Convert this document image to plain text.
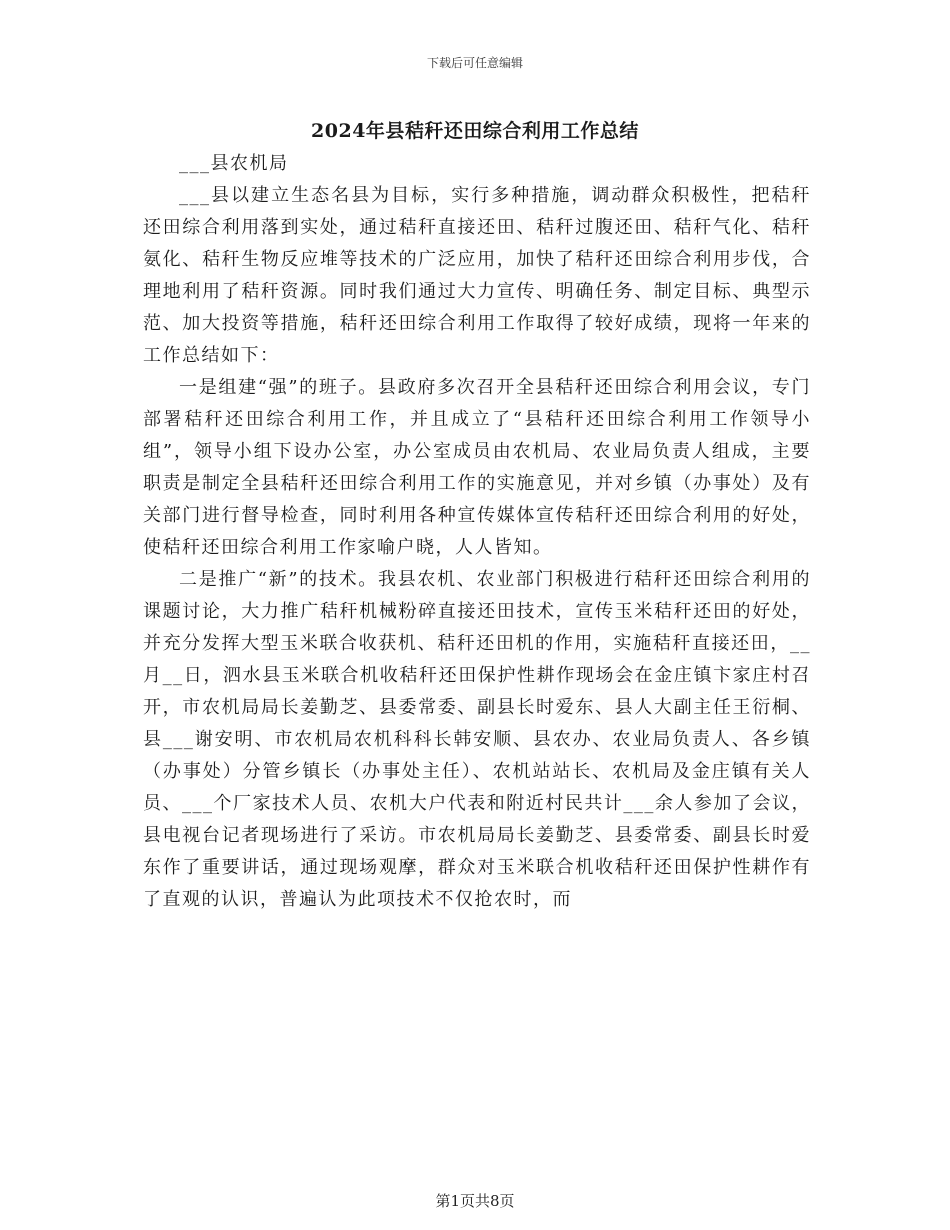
下载后可任意编辑
2024年县秸秆还田综合利用工作总结

___县农机局

___县以建立生态名县为目标，实行多种措施，调动群众积极性，把秸秆还田综合利用落到实处，通过秸秆直接还田、秸秆过腹还田、秸秆气化、秸秆氨化、秸秆生物反应堆等技术的广泛应用，加快了秸秆还田综合利用步伐，合理地利用了秸秆资源。同时我们通过大力宣传、明确任务、制定目标、典型示范、加大投资等措施，秸秆还田综合利用工作取得了较好成绩，现将一年来的工作总结如下：

一是组建“强”的班子。县政府多次召开全县秸秆还田综合利用会议，专门部署秸秆还田综合利用工作，并且成立了“县秸秆还田综合利用工作领导小组”，领导小组下设办公室，办公室成员由农机局、农业局负责人组成，主要职责是制定全县秸秆还田综合利用工作的实施意见，并对乡镇（办事处）及有关部门进行督导检查，同时利用各种宣传媒体宣传秸秆还田综合利用的好处，使秸秆还田综合利用工作家喻户晓，人人皆知。

二是推广“新”的技术。我县农机、农业部门积极进行秸秆还田综合利用的课题讨论，大力推广秸秆机械粉碎直接还田技术，宣传玉米秸秆还田的好处，并充分发挥大型玉米联合收获机、秸秆还田机的作用，实施秸秆直接还田，__月__日，泗水县玉米联合机收秸秆还田保护性耕作现场会在金庄镇卞家庄村召开，市农机局局长姜勤芝、县委常委、副县长时爱东、县人大副主任王衍桐、县___谢安明、市农机局农机科科长韩安顺、县农办、农业局负责人、各乡镇（办事处）分管乡镇长（办事处主任）、农机站站长、农机局及金庄镇有关人员、___个厂家技术人员、农机大户代表和附近村民共计___余人参加了会议，县电视台记者现场进行了采访。市农机局局长姜勤芝、县委常委、副县长时爱东作了重要讲话，通过现场观摩，群众对玉米联合机收秸秆还田保护性耕作有了直观的认识，普遍认为此项技术不仅抢农时，而

第1页共8页
